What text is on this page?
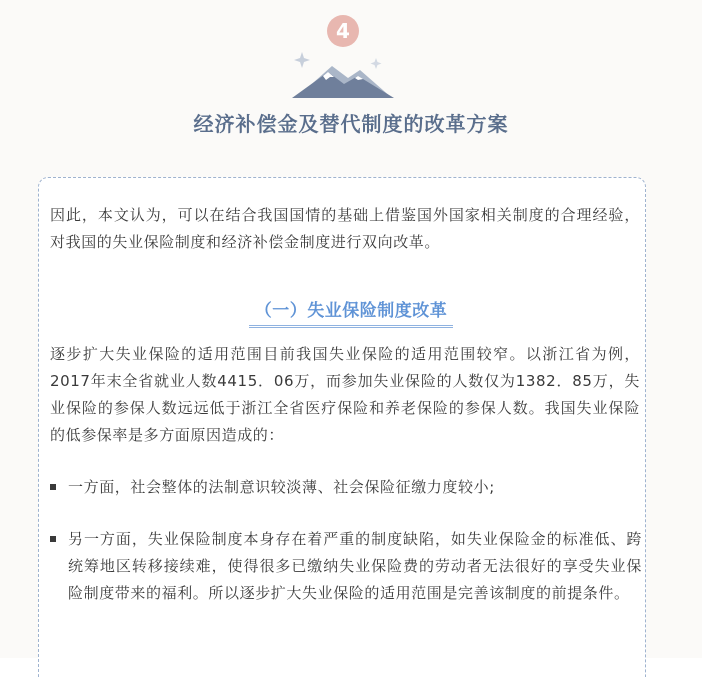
4
经济补偿金及替代制度的改革方案

因此，本文认为，可以在结合我国国情的基础上借鉴国外国家相关制度的合理经验，对我国的失业保险制度和经济补偿金制度进行双向改革。

（一）失业保险制度改革

逐步扩大失业保险的适用范围目前我国失业保险的适用范围较窄。以浙江省为例，2017年末全省就业人数4415．06万，而参加失业保险的人数仅为1382．85万，失业保险的参保人数远远低于浙江全省医疗保险和养老保险的参保人数。我国失业保险的低参保率是多方面原因造成的：

一方面，社会整体的法制意识较淡薄、社会保险征缴力度较小;
另一方面，失业保险制度本身存在着严重的制度缺陷，如失业保险金的标准低、跨统筹地区转移接续难，使得很多已缴纳失业保险费的劳动者无法很好的享受失业保险制度带来的福利。所以逐步扩大失业保险的适用范围是完善该制度的前提条件。
